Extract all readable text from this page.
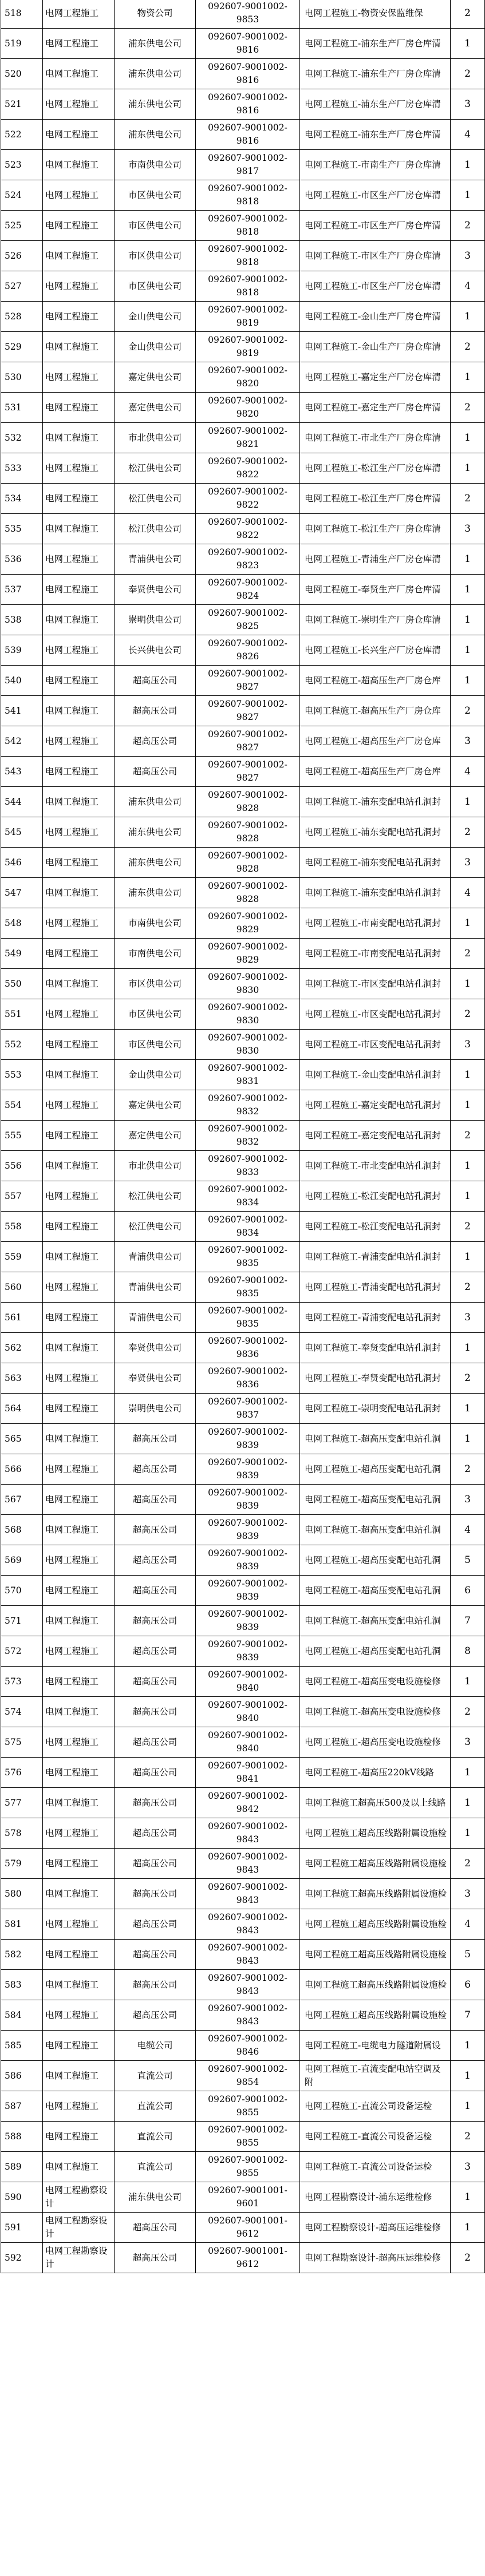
518	电网工程施工	物资公司	092607-9001002-9853	电网工程施工-物资安保监维保	2

519	电网工程施工	浦东供电公司	092607-9001002-9816	电网工程施工-浦东生产厂房仓库清	1

520	电网工程施工	浦东供电公司	092607-9001002-9816	电网工程施工-浦东生产厂房仓库清	2

521	电网工程施工	浦东供电公司	092607-9001002-9816	电网工程施工-浦东生产厂房仓库清	3

522	电网工程施工	浦东供电公司	092607-9001002-9816	电网工程施工-浦东生产厂房仓库清	4

523	电网工程施工	市南供电公司	092607-9001002-9817	电网工程施工-市南生产厂房仓库清	1

524	电网工程施工	市区供电公司	092607-9001002-9818	电网工程施工-市区生产厂房仓库清	1

525	电网工程施工	市区供电公司	092607-9001002-9818	电网工程施工-市区生产厂房仓库清	2

526	电网工程施工	市区供电公司	092607-9001002-9818	电网工程施工-市区生产厂房仓库清	3

527	电网工程施工	市区供电公司	092607-9001002-9818	电网工程施工-市区生产厂房仓库清	4

528	电网工程施工	金山供电公司	092607-9001002-9819	电网工程施工-金山生产厂房仓库清	1

529	电网工程施工	金山供电公司	092607-9001002-9819	电网工程施工-金山生产厂房仓库清	2

530	电网工程施工	嘉定供电公司	092607-9001002-9820	电网工程施工-嘉定生产厂房仓库清	1

531	电网工程施工	嘉定供电公司	092607-9001002-9820	电网工程施工-嘉定生产厂房仓库清	2

532	电网工程施工	市北供电公司	092607-9001002-9821	电网工程施工-市北生产厂房仓库清	1

533	电网工程施工	松江供电公司	092607-9001002-9822	电网工程施工-松江生产厂房仓库清	1

534	电网工程施工	松江供电公司	092607-9001002-9822	电网工程施工-松江生产厂房仓库清	2

535	电网工程施工	松江供电公司	092607-9001002-9822	电网工程施工-松江生产厂房仓库清	3

536	电网工程施工	青浦供电公司	092607-9001002-9823	电网工程施工-青浦生产厂房仓库清	1

537	电网工程施工	奉贤供电公司	092607-9001002-9824	电网工程施工-奉贤生产厂房仓库清	1

538	电网工程施工	崇明供电公司	092607-9001002-9825	电网工程施工-崇明生产厂房仓库清	1

539	电网工程施工	长兴供电公司	092607-9001002-9826	电网工程施工-长兴生产厂房仓库清	1

540	电网工程施工	超高压公司	092607-9001002-9827	电网工程施工-超高压生产厂房仓库	1

541	电网工程施工	超高压公司	092607-9001002-9827	电网工程施工-超高压生产厂房仓库	2

542	电网工程施工	超高压公司	092607-9001002-9827	电网工程施工-超高压生产厂房仓库	3

543	电网工程施工	超高压公司	092607-9001002-9827	电网工程施工-超高压生产厂房仓库	4

544	电网工程施工	浦东供电公司	092607-9001002-9828	电网工程施工-浦东变配电站孔洞封	1

545	电网工程施工	浦东供电公司	092607-9001002-9828	电网工程施工-浦东变配电站孔洞封	2

546	电网工程施工	浦东供电公司	092607-9001002-9828	电网工程施工-浦东变配电站孔洞封	3

547	电网工程施工	浦东供电公司	092607-9001002-9828	电网工程施工-浦东变配电站孔洞封	4

548	电网工程施工	市南供电公司	092607-9001002-9829	电网工程施工-市南变配电站孔洞封	1

549	电网工程施工	市南供电公司	092607-9001002-9829	电网工程施工-市南变配电站孔洞封	2

550	电网工程施工	市区供电公司	092607-9001002-9830	电网工程施工-市区变配电站孔洞封	1

551	电网工程施工	市区供电公司	092607-9001002-9830	电网工程施工-市区变配电站孔洞封	2

552	电网工程施工	市区供电公司	092607-9001002-9830	电网工程施工-市区变配电站孔洞封	3

553	电网工程施工	金山供电公司	092607-9001002-9831	电网工程施工-金山变配电站孔洞封	1

554	电网工程施工	嘉定供电公司	092607-9001002-9832	电网工程施工-嘉定变配电站孔洞封	1

555	电网工程施工	嘉定供电公司	092607-9001002-9832	电网工程施工-嘉定变配电站孔洞封	2

556	电网工程施工	市北供电公司	092607-9001002-9833	电网工程施工-市北变配电站孔洞封	1

557	电网工程施工	松江供电公司	092607-9001002-9834	电网工程施工-松江变配电站孔洞封	1

558	电网工程施工	松江供电公司	092607-9001002-9834	电网工程施工-松江变配电站孔洞封	2

559	电网工程施工	青浦供电公司	092607-9001002-9835	电网工程施工-青浦变配电站孔洞封	1

560	电网工程施工	青浦供电公司	092607-9001002-9835	电网工程施工-青浦变配电站孔洞封	2

561	电网工程施工	青浦供电公司	092607-9001002-9835	电网工程施工-青浦变配电站孔洞封	3

562	电网工程施工	奉贤供电公司	092607-9001002-9836	电网工程施工-奉贤变配电站孔洞封	1

563	电网工程施工	奉贤供电公司	092607-9001002-9836	电网工程施工-奉贤变配电站孔洞封	2

564	电网工程施工	崇明供电公司	092607-9001002-9837	电网工程施工-崇明变配电站孔洞封	1

565	电网工程施工	超高压公司	092607-9001002-9839	电网工程施工-超高压变配电站孔洞	1

566	电网工程施工	超高压公司	092607-9001002-9839	电网工程施工-超高压变配电站孔洞	2

567	电网工程施工	超高压公司	092607-9001002-9839	电网工程施工-超高压变配电站孔洞	3

568	电网工程施工	超高压公司	092607-9001002-9839	电网工程施工-超高压变配电站孔洞	4

569	电网工程施工	超高压公司	092607-9001002-9839	电网工程施工-超高压变配电站孔洞	5

570	电网工程施工	超高压公司	092607-9001002-9839	电网工程施工-超高压变配电站孔洞	6

571	电网工程施工	超高压公司	092607-9001002-9839	电网工程施工-超高压变配电站孔洞	7

572	电网工程施工	超高压公司	092607-9001002-9839	电网工程施工-超高压变配电站孔洞	8

573	电网工程施工	超高压公司	092607-9001002-9840	电网工程施工-超高压变电设施检修	1

574	电网工程施工	超高压公司	092607-9001002-9840	电网工程施工-超高压变电设施检修	2

575	电网工程施工	超高压公司	092607-9001002-9840	电网工程施工-超高压变电设施检修	3

576	电网工程施工	超高压公司	092607-9001002-9841	电网工程施工-超高压220kV线路	1

577	电网工程施工	超高压公司	092607-9001002-9842	电网工程施工超高压500及以上线路	1

578	电网工程施工	超高压公司	092607-9001002-9843	电网工程施工超高压线路附属设施检	1

579	电网工程施工	超高压公司	092607-9001002-9843	电网工程施工超高压线路附属设施检	2

580	电网工程施工	超高压公司	092607-9001002-9843	电网工程施工超高压线路附属设施检	3

581	电网工程施工	超高压公司	092607-9001002-9843	电网工程施工超高压线路附属设施检	4

582	电网工程施工	超高压公司	092607-9001002-9843	电网工程施工超高压线路附属设施检	5

583	电网工程施工	超高压公司	092607-9001002-9843	电网工程施工超高压线路附属设施检	6

584	电网工程施工	超高压公司	092607-9001002-9843	电网工程施工超高压线路附属设施检	7

585	电网工程施工	电缆公司	092607-9001002-9846	电网工程施工-电缆电力隧道附属设	1

586	电网工程施工	直流公司	092607-9001002-9854	电网工程施工-直流变配电站空调及附	1

587	电网工程施工	直流公司	092607-9001002-9855	电网工程施工-直流公司设备运检	1

588	电网工程施工	直流公司	092607-9001002-9855	电网工程施工-直流公司设备运检	2

589	电网工程施工	直流公司	092607-9001002-9855	电网工程施工-直流公司设备运检	3

590	电网工程勘察设计	浦东供电公司	092607-9001001-9601	电网工程勘察设计-浦东运维检修	1

591	电网工程勘察设计	超高压公司	092607-9001001-9612	电网工程勘察设计-超高压运维检修	1

592	电网工程勘察设计	超高压公司	092607-9001001-9612	电网工程勘察设计-超高压运维检修	2
